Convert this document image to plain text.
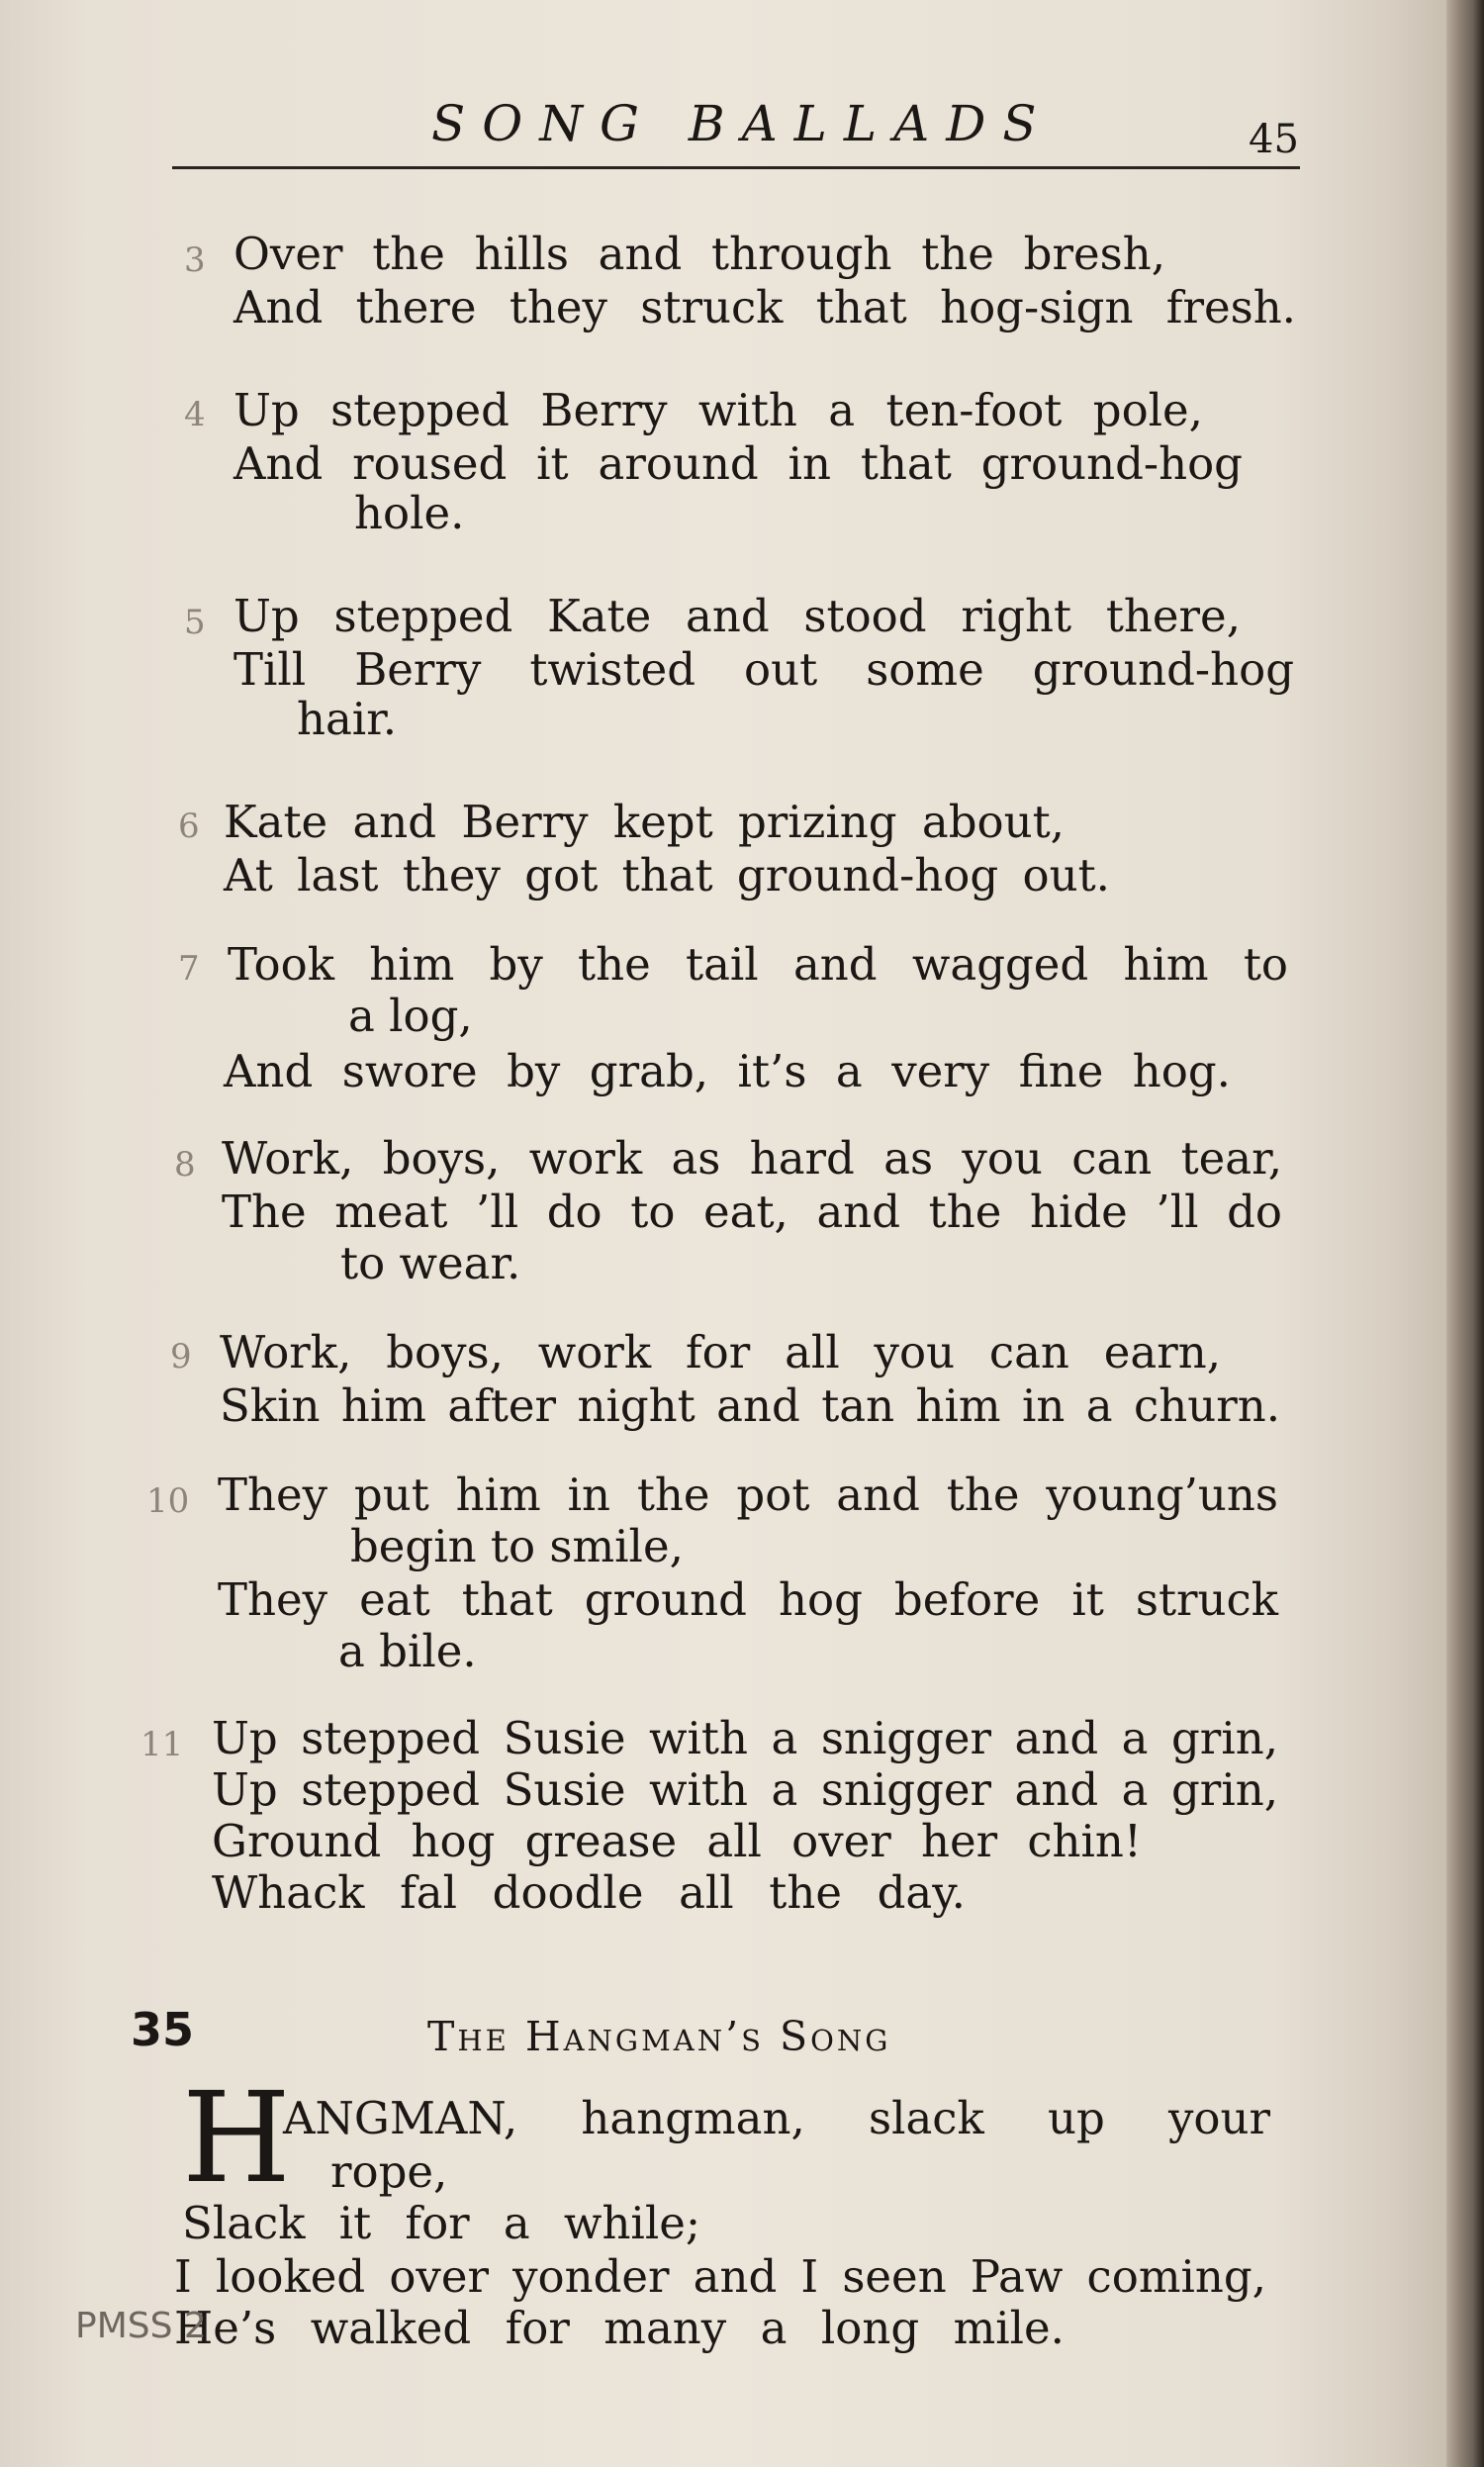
SONG BALLADS	45
3 Over the hills and through the bresh,
And there they struck that hog-sign fresh.
4 Up stepped Berry with a ten-foot pole,
And roused it around in that ground-hog
hole.
5 Up stepped Kate and stood right there,
Till Berry twisted out some ground-hog
hair.
6 Kate and Berry kept prizing about,
At last they got that ground-hog out.
7 Took him by the tail and wagged him to
a log,
And swore by grab, it’s a very fine hog.
8 Work, boys, work as hard as you can tear,
The meat ’ll do to eat, and the hide ’ll do
to wear.
9 Work, boys, work for all you can earn,
Skin him after night and tan him in a churn.
10 They put him in the pot and the young’uns
begin to smile,
They eat that ground hog before it struck
a bile.
11 Up stepped Susie with a snigger and a grin,
Up stepped Susie with a snigger and a grin,
Ground hog grease all over her chin!
Whack fal doodle all the day.
35	The Hangman’s Song
H
ANGMAN, hangman, slack up your
rope,
Slack it for a while;
I looked over yonder and I seen Paw coming,
He’s walked for many a long mile.
PMSS 2
